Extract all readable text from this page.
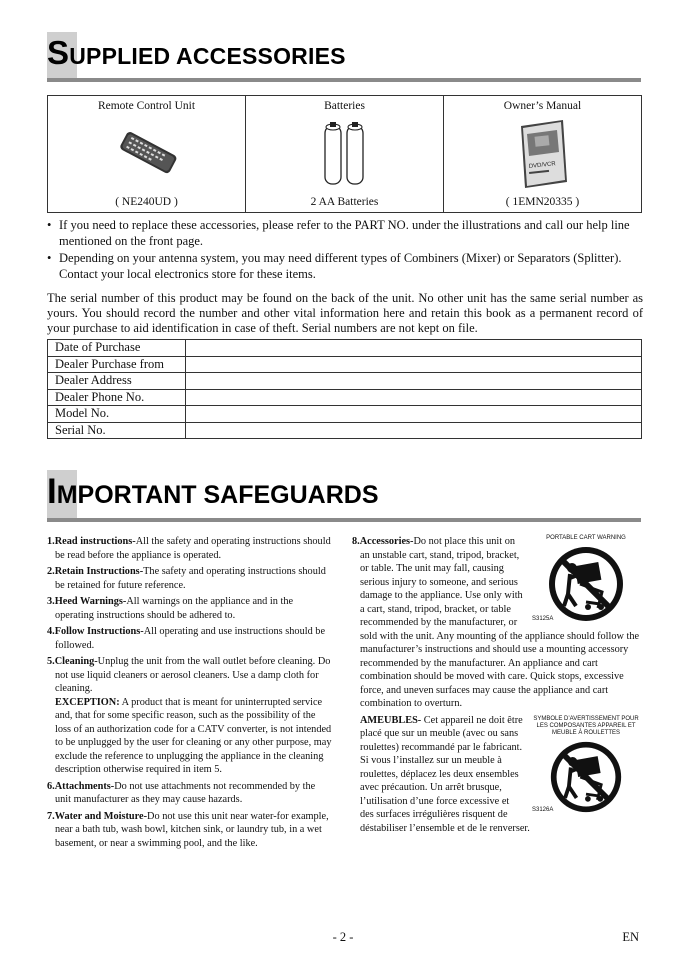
SUPPLIED ACCESSORIES
Remote Control Unit
( NE240UD )

Batteries
2 AA Batteries

Owner’s Manual
DVD/VCR
( 1EMN20335 )
• If you need to replace these accessories, please refer to the PART NO. under the illustrations and call our help line mentioned on the front page.
• Depending on your antenna system, you may need different types of Combiners (Mixer) or Separators (Splitter). Contact your local electronics store for these items.

The serial number of this product may be found on the back of the unit. No other unit has the same serial number as yours. You should record the number and other vital information here and retain this book as a permanent record of your purchase to aid identification in case of theft. Serial numbers are not kept on file.

Date of Purchase	
Dealer Purchase from	
Dealer Address	
Dealer Phone No.	
Model No.	
Serial No.	
IMPORTANT SAFEGUARDS

1.Read instructions-All the safety and operating instructions should be read before the appliance is operated.

2.Retain Instructions-The safety and operating instructions should be retained for future reference.

3.Heed Warnings-All warnings on the appliance and in the operating instructions should be adhered to.

4.Follow Instructions-All operating and use instructions should be followed.

5.Cleaning-Unplug the unit from the wall outlet before cleaning. Do not use liquid cleaners or aerosol cleaners. Use a damp cloth for cleaning.

EXCEPTION: A product that is meant for uninterrupted service and, that for some specific reason, such as the possibility of the loss of an authorization code for a CATV converter, is not intended to be unplugged by the user for cleaning or any other purpose, may exclude the reference to unplugging the appliance in the cleaning description otherwise required in item 5.

6.Attachments-Do not use attachments not recommended by the unit manufacturer as they may cause hazards.

7.Water and Moisture-Do not use this unit near water-for example, near a bath tub, wash bowl, kitchen sink, or laundry tub, in a wet basement, or near a swimming pool, and the like.

PORTABLE CART WARNING
S3125A

8.Accessories-Do not place this unit on an unstable cart, stand, tripod, bracket, or table. The unit may fall, causing serious injury to someone, and serious damage to the appliance. Use only with a cart, stand, tripod, bracket, or table recommended by the manufacturer, or sold with the unit. Any mounting of the appliance should follow the manufacturer’s instructions and should use a mounting accessory recommended by the manufacturer. An appliance and cart combination should be moved with care. Quick stops, excessive force, and uneven surfaces may cause the appliance and cart combination to overturn.

SYMBOLE D’AVERTISSEMENT POUR LES COMPOSANTES APPAREIL ET MEUBLE À ROULETTES
S3126A

AMEUBLES- Cet appareil ne doit être placé que sur un meuble (avec ou sans roulettes) recommandé par le fabricant. Si vous l’installez sur un meuble à roulettes, déplacez les deux ensembles avec précaution. Un arrêt brusque, l’utilisation d’une force excessive et des surfaces irrégulières risquent de déstabiliser l’ensemble et de le renverser.

- 2 -	EN
